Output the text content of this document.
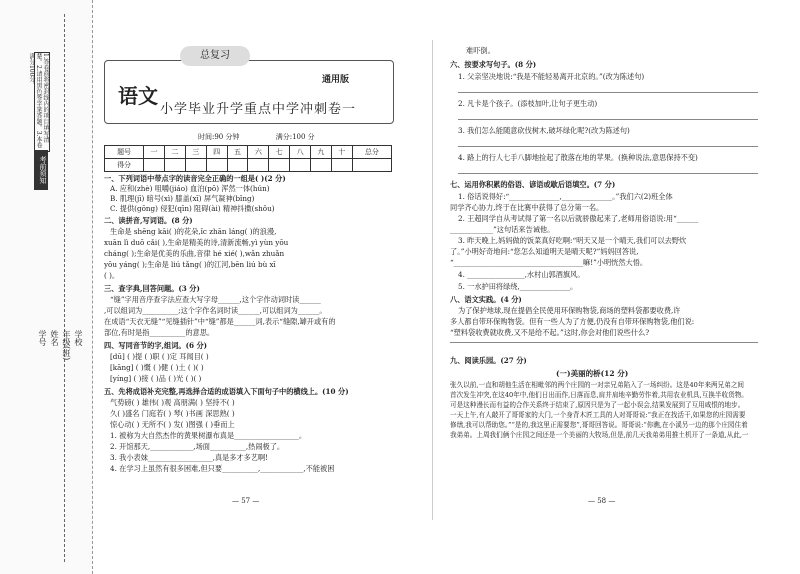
1.答卷前将密封线内的项目填写清楚。2.请用黑色签字笔答题。3.本卷满分100分。
考前须知
学校
年级(班)
姓名
学号
总复习
语文
通用版
小学毕业升学重点中学冲刺卷一
时间:90 分钟	满分:100 分
题号	一	二	三	四	五	六	七	八	九	十	总分
得分											
一、下列词语中带点字的读音完全正确的一组是( )(2 分)
A. 应和(zhè) 咀嚼(jiáo) 血泊(pō) 浑然一体(hún)
B. 肌理(jī) 暗号(xì) 膝盖(xī) 屏气凝神(bǐng)
C. 提供(gōng) 侵犯(qīn) 阻碍(ài) 精神抖擞(shǒu)
二、读拼音,写词语。(8 分)
生命是 shēng kāi( )的花朵,ǐc zhān láng( )的浪漫,
xuān lì duō cǎi( ),生命是精美的诗,清新流畅,yì yùn yōu
cháng( );生命是优美的乐曲,音律 hé xié( ),wǎn zhuǎn
yōu yáng( );生命是 liú tǎng( )的江河,bēn liú bù xī
( )。
三、查字典,回答问题。(3 分)
“缝”字用音序查字法应查大写字母______,这个字作动词时读______
,可以组词为__________;这个字作名词时读______,可以组词为______。
在成语“天衣无缝”“见缝插针”中“缝”都是______词,表示“缝隙,罅开或有的
部位,有时是指__________的意思。
四、写同音节的字,组词。(6 分)
[dū] ( )提 ( )职 ( )定 耳闻目( )
[kāng] ( )慨 ( )健 ( )土 ( )( )
[yíng] ( )接 ( )品 ( )光 ( )( )
五、先将成语补充完整,再选择合适的成语填入下面句子中的横线上。(10 分)
气势磅( ) 雄伟( )观 高朋满( ) 坚持不( )
久( )盛名 门庭若( ) 琴( )书画 深思熟( )
惊心动( ) 无所不( ) 发( )图强 ( )垂而上
1. 被称为大自然杰作的黄果树瀑布真是__________________。
2. 开馆那天,____________,场面__________,热闹极了。
3. 我小表妹__________________,真是多才多艺啊!
4. 在学习上虽然有很多困难,但只要__________,____________,不能被困
— 57 —
难吓倒。
六、按要求写句子。(8 分)
1. 父亲坚决地说:“我是不能轻易离开北京的。”(改为陈述句)
2. 凡卡是个孩子。(添枝加叶,让句子更生动)
3. 我们怎么能随意砍伐树木,破坏绿化呢?(改为陈述句)
4. 路上的行人七手八脚地捡起了散落在地的苹果。(换种说法,意思保持不变)
七、运用你积累的俗语、谚语或歇后语填空。(7 分)
1. 俗话说得好:“______________,______________。”我们六(2)班全体
同学齐心协力,终于在比赛中获得了总分第一名。
2. 王超同学自从考试得了第一名以后就骄傲起来了,老师用俗语说:用“______
____________”这句话来告诫他。
3. 昨天晚上,妈妈做的饭菜真好吃啊:“明天又是一个晴天,我们可以去野炊
了。”小明好奇地问:“您怎么知道明天是晴天呢?”妈妈回答说,
“____________________________________嘛!”小明恍然大悟。
4. ________________,水村山郭酒旗风。
5. 一水护田将绿绕,______________。
八、语文实践。(4 分)
为了保护地球,现在提倡全民使用环保购物袋,商场的塑料袋都要收费,许
多人都自带环保购物袋。但有一些人为了方便,仍没有自带环保购物袋,他们说:
“塑料袋收费就收费,又不是给不起。”这时,你会对他们说些什么?
九、阅读乐园。(27 分)
(一)美丽的桥(12 分)
张久以前,一直和胡他生活在相毗邻的两个庄园的一对亲兄弟陷入了一场纠纷。这是40年来两兄弟之间首次发生冲突,在这40年中,他们日出而作,日落而息,肩并肩地辛勤劳作着,共用农业机具,互换半收货物。可是这种漫长而有益的合作关系终于结束了,原因只是为了一起小误会,结果发展到了互用咸恨的地步。一天上午,有人敲开了哥哥家的大门,一个身背木匠工具的人对哥哥说:“我正在找活干,如果您的庄园需要修缮,我可以帮助您。”“是的,我这里正需要您”,哥哥回答说。哥哥说:“你瞧,在小溪另一边的那个庄园住着我弟弟。上周我们俩个庄园之间还是一个美丽的大牧场,但是,前几天我弟弟用推土机开了一条道,从此,一
— 58 —
